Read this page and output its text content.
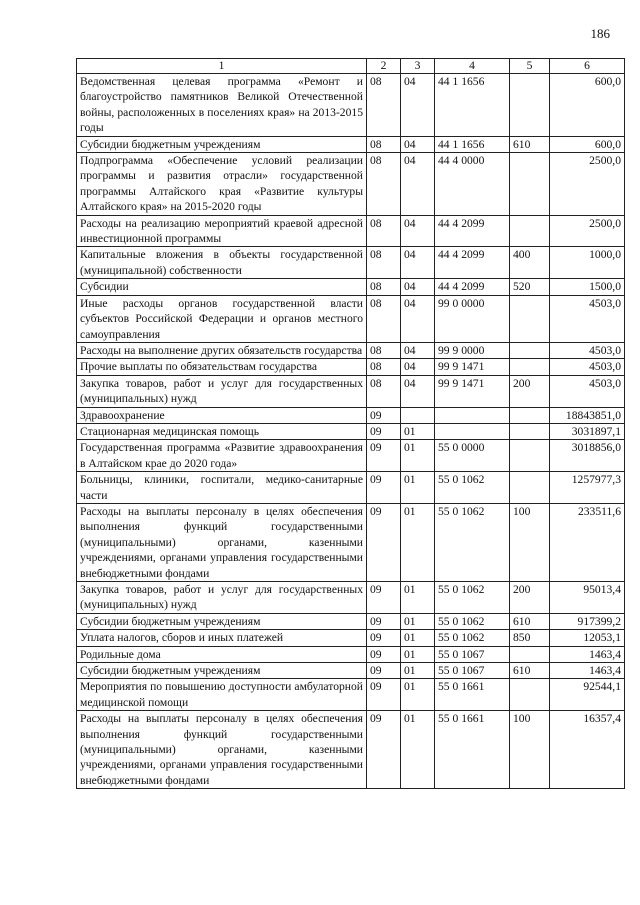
186
1	2	3	4	5	6
Ведомственная целевая программа «Ремонт и благоустройство памятников Великой Отечественной войны, расположенных в поселениях края» на 2013-2015 годы	08	04	44 1 1656		600,0
Субсидии бюджетным учреждениям	08	04	44 1 1656	610	600,0
Подпрограмма «Обеспечение условий реализации программы и развития отрасли» государственной программы Алтайского края «Развитие культуры Алтайского края» на 2015-2020 годы	08	04	44 4 0000		2500,0
Расходы на реализацию мероприятий краевой адресной инвестиционной программы	08	04	44 4 2099		2500,0
Капитальные вложения в объекты государственной (муниципальной) собственности	08	04	44 4 2099	400	1000,0
Субсидии	08	04	44 4 2099	520	1500,0
Иные расходы органов государственной власти субъектов Российской Федерации и органов местного самоуправления	08	04	99 0 0000		4503,0
Расходы на выполнение других обязательств государства	08	04	99 9 0000		4503,0
Прочие выплаты по обязательствам государства	08	04	99 9 1471		4503,0
Закупка товаров, работ и услуг для государственных (муниципальных) нужд	08	04	99 9 1471	200	4503,0
Здравоохранение	09				18843851,0
Стационарная медицинская помощь	09	01			3031897,1
Государственная программа «Развитие здравоохранения в Алтайском крае до 2020 года»	09	01	55 0 0000		3018856,0
Больницы, клиники, госпитали, медико-санитарные части	09	01	55 0 1062		1257977,3
Расходы на выплаты персоналу в целях обеспечения выполнения функций государственными (муниципальными) органами, казенными учреждениями, органами управления государственными внебюджетными фондами	09	01	55 0 1062	100	233511,6
Закупка товаров, работ и услуг для государственных (муниципальных) нужд	09	01	55 0 1062	200	95013,4
Субсидии бюджетным учреждениям	09	01	55 0 1062	610	917399,2
Уплата налогов, сборов и иных платежей	09	01	55 0 1062	850	12053,1
Родильные дома	09	01	55 0 1067		1463,4
Субсидии бюджетным учреждениям	09	01	55 0 1067	610	1463,4
Мероприятия по повышению доступности амбулаторной медицинской помощи	09	01	55 0 1661		92544,1
Расходы на выплаты персоналу в целях обеспечения выполнения функций государственными (муниципальными) органами, казенными учреждениями, органами управления государственными внебюджетными фондами	09	01	55 0 1661	100	16357,4
